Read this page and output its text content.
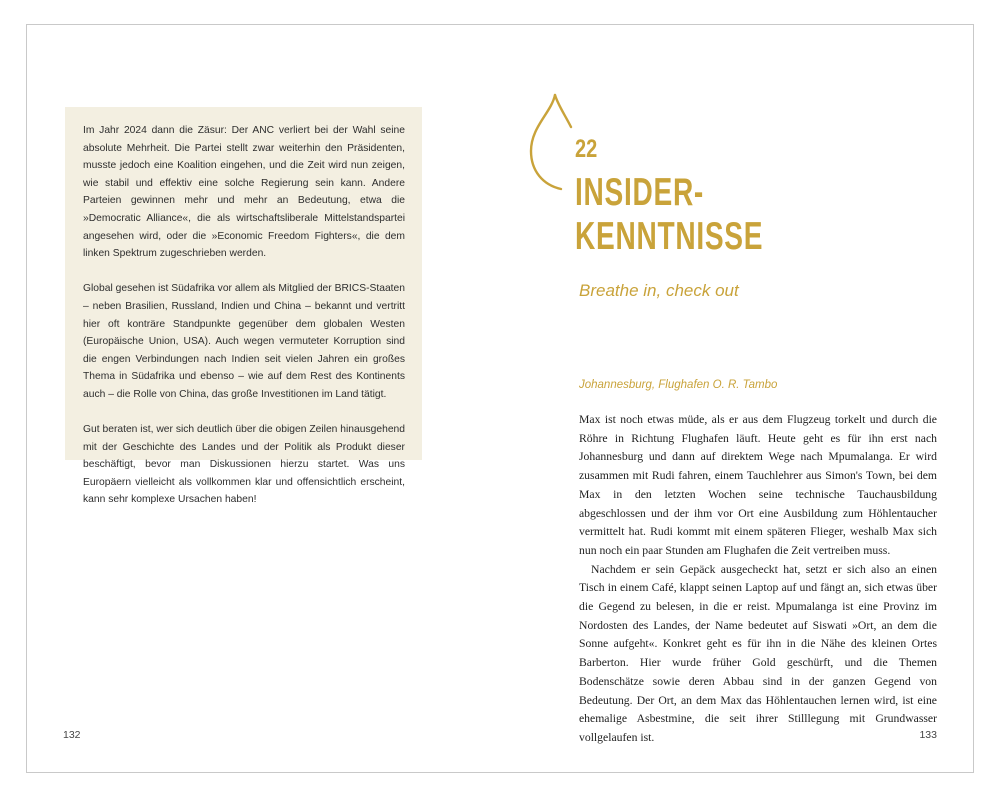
Im Jahr 2024 dann die Zäsur: Der ANC verliert bei der Wahl seine absolute Mehrheit. Die Partei stellt zwar weiterhin den Präsidenten, musste jedoch eine Koalition eingehen, und die Zeit wird nun zeigen, wie stabil und effektiv eine solche Regierung sein kann. Andere Parteien gewinnen mehr und mehr an Bedeutung, etwa die »Democratic Alliance«, die als wirtschaftsliberale Mittelstandspartei angesehen wird, oder die »Economic Freedom Fighters«, die dem linken Spektrum zugeschrieben werden.

Global gesehen ist Südafrika vor allem als Mitglied der BRICS-Staaten – neben Brasilien, Russland, Indien und China – bekannt und vertritt hier oft konträre Standpunkte gegenüber dem globalen Westen (Europäische Union, USA). Auch wegen vermuteter Korruption sind die engen Verbindungen nach Indien seit vielen Jahren ein großes Thema in Südafrika und ebenso – wie auf dem Rest des Kontinents auch – die Rolle von China, das große Investitionen im Land tätigt.

Gut beraten ist, wer sich deutlich über die obigen Zeilen hinausgehend mit der Geschichte des Landes und der Politik als Produkt dieser beschäftigt, bevor man Diskussionen hierzu startet. Was uns Europäern vielleicht als vollkommen klar und offensichtlich erscheint, kann sehr komplexe Ursachen haben!

132
22
INSIDER-
KENNTNISSE
Breathe in, check out
Johannesburg, Flughafen O. R. Tambo

Max ist noch etwas müde, als er aus dem Flugzeug torkelt und durch die Röhre in Richtung Flughafen läuft. Heute geht es für ihn erst nach Johannesburg und dann auf direktem Wege nach Mpumalanga. Er wird zusammen mit Rudi fahren, einem Tauchlehrer aus Simon's Town, bei dem Max in den letzten Wochen seine technische Tauchausbildung abgeschlossen und der ihm vor Ort eine Ausbildung zum Höhlentaucher vermittelt hat. Rudi kommt mit einem späteren Flieger, weshalb Max sich nun noch ein paar Stunden am Flughafen die Zeit vertreiben muss.

Nachdem er sein Gepäck ausgecheckt hat, setzt er sich also an einen Tisch in einem Café, klappt seinen Laptop auf und fängt an, sich etwas über die Gegend zu belesen, in die er reist. Mpumalanga ist eine Provinz im Nordosten des Landes, der Name bedeutet auf Siswati »Ort, an dem die Sonne aufgeht«. Konkret geht es für ihn in die Nähe des kleinen Ortes Barberton. Hier wurde früher Gold geschürft, und die Themen Bodenschätze sowie deren Abbau sind in der ganzen Gegend von Bedeutung. Der Ort, an dem Max das Höhlentauchen lernen wird, ist eine ehemalige Asbestmine, die seit ihrer Stilllegung mit Grundwasser vollgelaufen ist.	133
